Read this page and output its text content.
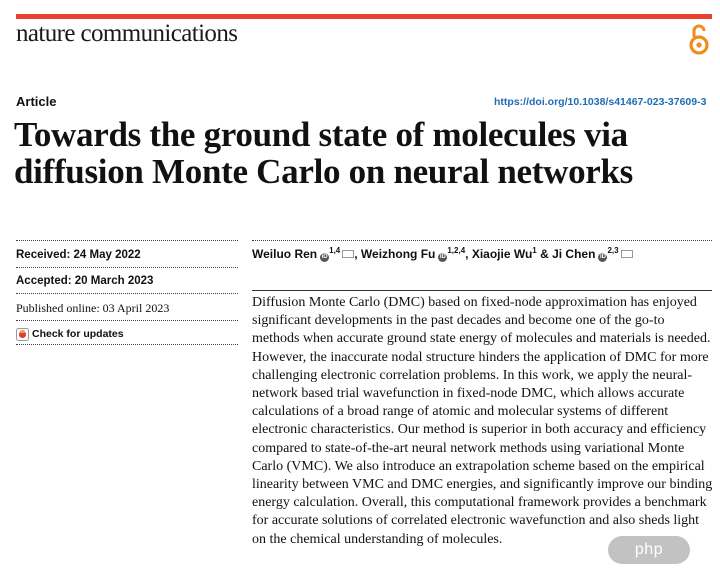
nature communications
Article	https://doi.org/10.1038/s41467-023-37609-3
Towards the ground state of molecules via diffusion Monte Carlo on neural networks
Received: 24 May 2022
Accepted: 20 March 2023
Published online: 03 April 2023
Check for updates
Weiluo Ren iD$^{1,4}$ , Weizhong Fu iD$^{1,2,4}$, Xiaojie Wu$^1$ & Ji Chen iD$^{2,3}$
Diffusion Monte Carlo (DMC) based on fixed-node approximation has enjoyed significant developments in the past decades and become one of the go-to methods when accurate ground state energy of molecules and materials is needed. However, the inaccurate nodal structure hinders the application of DMC for more challenging electronic correlation problems. In this work, we apply the neural-network based trial wavefunction in fixed-node DMC, which allows accurate calculations of a broad range of atomic and molecular systems of different electronic characteristics. Our method is superior in both accuracy and efficiency compared to state-of-the-art neural network methods using variational Monte Carlo (VMC). We also introduce an extrapolation scheme based on the empirical linearity between VMC and DMC energies, and significantly improve our binding energy calculation. Overall, this computational framework provides a benchmark for accurate solutions of correlated electronic wavefunction and also sheds light on the chemical understanding of molecules.
php
